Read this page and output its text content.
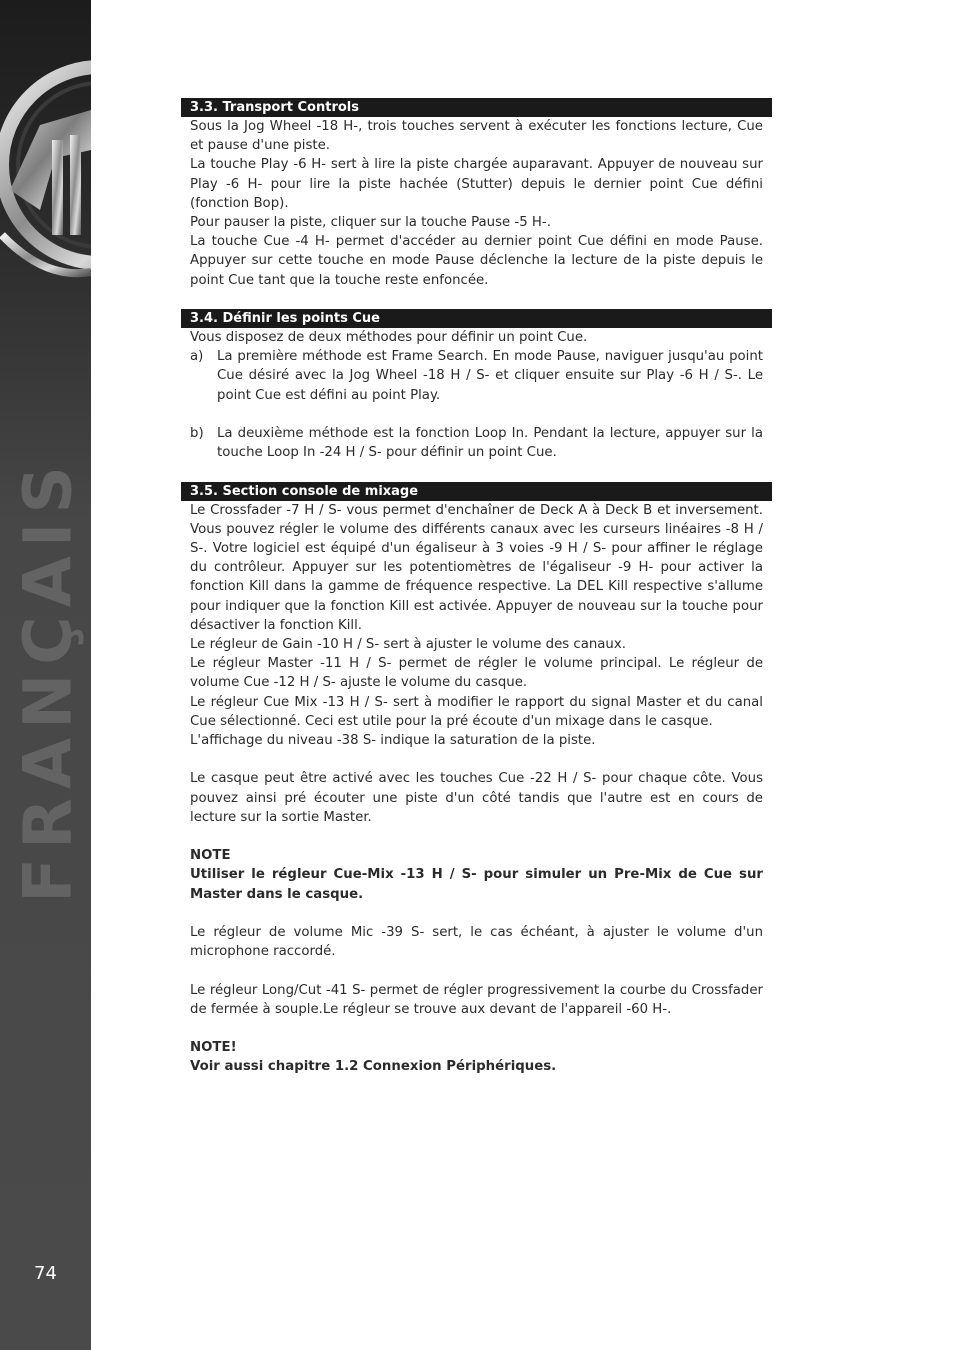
FRANÇAIS
74
3.3. Transport Controls

Sous la Jog Wheel -18 H-, trois touches servent à exécuter les fonctions lecture, Cue et pause d'une piste.

La touche Play -6 H- sert à lire la piste chargée auparavant. Appuyer de nouveau sur Play -6 H- pour lire la piste hachée (Stutter) depuis le dernier point Cue défini (fonction Bop).

Pour pauser la piste, cliquer sur la touche Pause -5 H-.

La touche Cue -4 H- permet d'accéder au dernier point Cue défini en mode Pause. Appuyer sur cette touche en mode Pause déclenche la lecture de la piste depuis le point Cue tant que la touche reste enfoncée.

3.4. Définir les points Cue

Vous disposez de deux méthodes pour définir un point Cue.

a)	La première méthode est Frame Search. En mode Pause, naviguer jusqu'au point Cue désiré avec la Jog Wheel -18 H / S- et cliquer ensuite sur Play -6 H / S-. Le point Cue est défini au point Play.

b)	La deuxième méthode est la fonction Loop In. Pendant la lecture, appuyer sur la touche Loop In -24 H / S- pour définir un point Cue.

3.5. Section console de mixage

Le Crossfader -7 H / S- vous permet d'enchaîner de Deck A à Deck B et inversement. Vous pouvez régler le volume des différents canaux avec les curseurs linéaires -8 H / S-. Votre logiciel est équipé d'un égaliseur à 3 voies -9 H / S- pour affiner le réglage du contrôleur. Appuyer sur les potentiomètres de l'égaliseur -9 H- pour activer la fonction Kill dans la gamme de fréquence respective. La DEL Kill respective s'allume pour indiquer que la fonction Kill est activée. Appuyer de nouveau sur la touche pour désactiver la fonction Kill.

Le régleur de Gain -10 H / S- sert à ajuster le volume des canaux.

Le régleur Master -11 H / S- permet de régler le volume principal. Le régleur de volume Cue -12 H / S- ajuste le volume du casque.

Le régleur Cue Mix -13 H / S- sert à modifier le rapport du signal Master et du canal Cue sélectionné. Ceci est utile pour la pré écoute d'un mixage dans le casque.

L'affichage du niveau -38 S- indique la saturation de la piste.

Le casque peut être activé avec les touches Cue -22 H / S- pour chaque côte. Vous pouvez ainsi pré écouter une piste d'un côté tandis que l'autre est en cours de lecture sur la sortie Master.

NOTE

Utiliser le régleur Cue-Mix -13 H / S- pour simuler un Pre-Mix de Cue sur Master dans le casque.

Le régleur de volume Mic -39 S- sert, le cas échéant, à ajuster le volume d'un microphone raccordé.

Le régleur Long/Cut -41 S- permet de régler progressivement la courbe du Crossfader de fermée à souple.Le régleur se trouve aux devant de l'appareil -60 H-.

NOTE!

Voir aussi chapitre 1.2 Connexion Périphériques.
